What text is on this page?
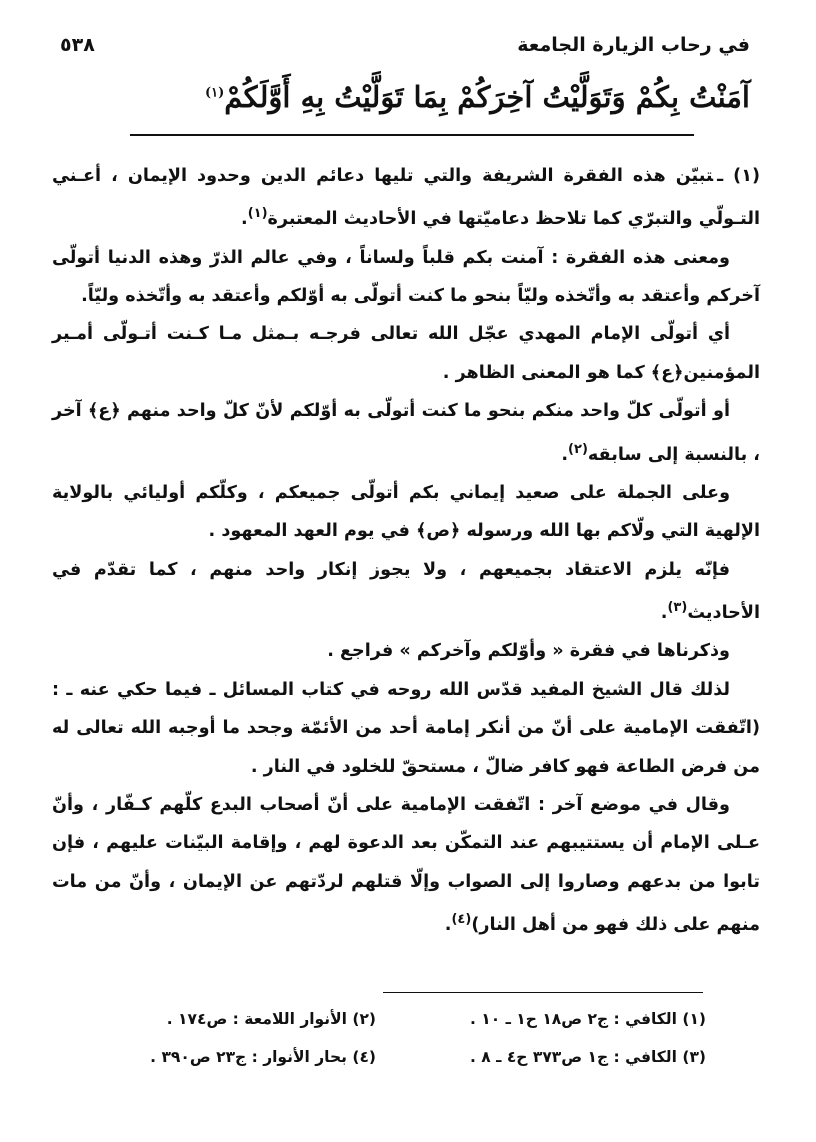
في رحاب الزيارة الجامعة
٥٣٨
آمَنْتُ بِكُمْ وَتَوَلَّيْتُ آخِرَكُمْ بِمَا تَوَلَّيْتُ بِهِ أَوَّلَكُمْ$^{(١)}$

(١) ـتبيّن هذه الفقرة الشريفة والتي تليها دعائم الدين وحدود الإيمان ، أعـني التـولّي والتبرّي كما تلاحظ دعاميّتها في الأحاديث المعتبرة$^{(١)}$.

ومعنى هذه الفقرة : آمنت بكم قلباً ولساناً ، وفي عالم الذرّ وهذه الدنيا أتولّى آخركم وأعتقد به وأتّخذه وليّاً بنحو ما كنت أتولّى به أوّلكم وأعتقد به وأتّخذه وليّاً.

أي أتولّى الإمام المهدي عجّل الله تعالى فرجـه بـمثل مـا كـنت أتـولّى أمـير المؤمنين﴿ع﴾ كما هو المعنى الظاهر .

أو أتولّى كلّ واحد منكم بنحو ما كنت أتولّى به أوّلكم لأنّ كلّ واحد منهم ﴿ع﴾ آخر ، بالنسبة إلى سابقه$^{(٢)}$.

وعلى الجملة على صعيد إيماني بكم أتولّى جميعكم ، وكلّكم أوليائي بالولاية الإلهية التي ولّاكم بها الله ورسوله ﴿ص﴾ في يوم العهد المعهود .

فإنّه يلزم الاعتقاد بجميعهم ، ولا يجوز إنكار واحد منهم ، كما تقدّم في الأحاديث$^{(٣)}$.

وذكرناها في فقرة « وأوّلكم وآخركم » فراجع .

لذلك قال الشيخ المفيد قدّس الله روحه في كتاب المسائل ـ فيما حكي عنه ـ : (اتّفقت الإمامية على أنّ من أنكر إمامة أحد من الأئمّة وجحد ما أوجبه الله تعالى له من فرض الطاعة فهو كافر ضالّ ، مستحقّ للخلود في النار .

وقال في موضع آخر : اتّفقت الإمامية على أنّ أصحاب البدع كلّهم كـفّار ، وأنّ عـلى الإمام أن يستتيبهم عند التمكّن بعد الدعوة لهم ، وإقامة البيّنات عليهم ، فإن تابوا من بدعهم وصاروا إلى الصواب وإلّا قتلهم لردّتهم عن الإيمان ، وأنّ من مات منهم على ذلك فهو من أهل النار)$^{(٤)}$.

(١) الكافي : ج٢ ص١٨ ح١ ـ ١٠ .
(٢) الأنوار اللامعة : ص١٧٤ .
(٣) الكافي : ج١ ص٣٧٣ ح٤ ـ ٨ .
(٤) بحار الأنوار : ج٢٣ ص٣٩٠ .
